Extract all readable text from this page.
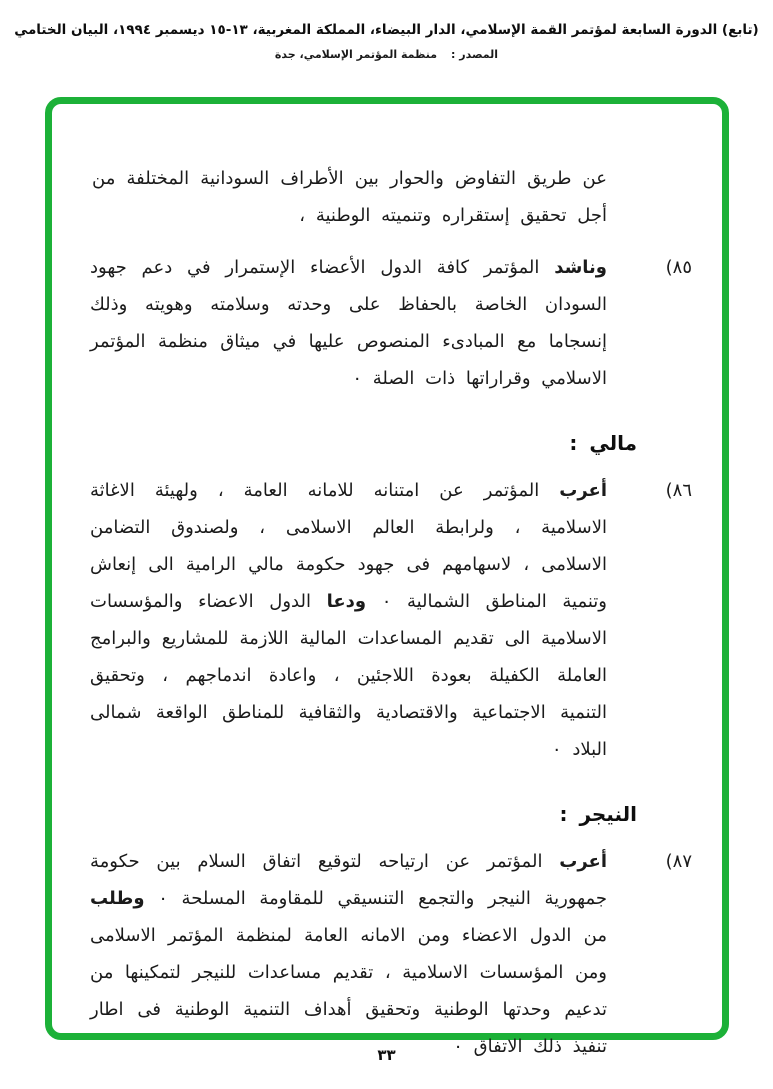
(تابع) الدورة السابعة لمؤتمر القمة الإسلامي، الدار البيضاء، المملكة المغربية، ١٣-١٥ ديسمبر ١٩٩٤، البيان الختامي
المصدر :منظمة المؤتمر الإسلامي، جدة

عن طريق التفاوض والحوار بين الأطراف السودانية المختلفة من أجل تحقيق إستقراره وتنميته الوطنية ،

٨٥)
وناشد المؤتمر كافة الدول الأعضاء الإستمرار في دعم جهود السودان الخاصة بالحفاظ على وحدته وسلامته وهويته وذلك إنسجاما مع المبادىء المنصوص عليها في ميثاق منظمة المؤتمر الاسلامي وقراراتها ذات الصلة ٠
مالي :
٨٦)
أعرب المؤتمر عن امتنانه للامانه العامة ، ولهيئة الاغاثة الاسلامية ، ولرابطة العالم الاسلامى ، ولصندوق التضامن الاسلامى ، لاسهامهم فى جهود حكومة مالي الرامية الى إنعاش وتنمية المناطق الشمالية ٠ ودعا الدول الاعضاء والمؤسسات الاسلامية الى تقديم المساعدات المالية اللازمة للمشاريع والبرامج العاملة الكفيلة بعودة اللاجئين ، واعادة اندماجهم ، وتحقيق التنمية الاجتماعية والاقتصادية والثقافية للمناطق الواقعة شمالى البلاد ٠
النيجر :
٨٧)
أعرب المؤتمر عن ارتياحه لتوقيع اتفاق السلام بين حكومة جمهورية النيجر والتجمع التنسيقي للمقاومة المسلحة ٠ وطلب من الدول الاعضاء ومن الامانه العامة لمنظمة المؤتمر الاسلامى ومن المؤسسات الاسلامية ، تقديم مساعدات للنيجر لتمكينها من تدعيم وحدتها الوطنية وتحقيق أهداف التنمية الوطنية فى اطار تنفيذ ذلك الاتفاق ٠
٣٣
